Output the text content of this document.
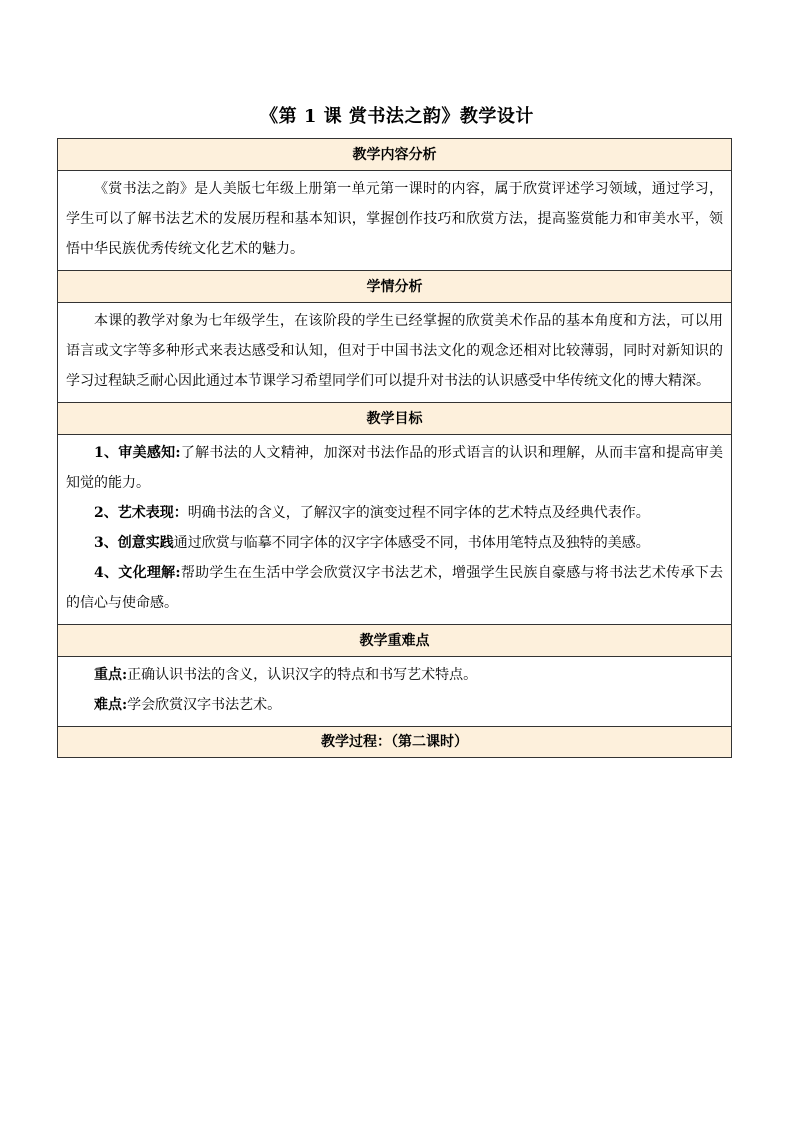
《第 1 课 赏书法之韵》教学设计
教学内容分析

《赏书法之韵》是人美版七年级上册第一单元第一课时的内容，属于欣赏评述学习领域，通过学习，学生可以了解书法艺术的发展历程和基本知识，掌握创作技巧和欣赏方法，提高鉴赏能力和审美水平，领悟中华民族优秀传统文化艺术的魅力。

学情分析

本课的教学对象为七年级学生，在该阶段的学生已经掌握的欣赏美术作品的基本角度和方法，可以用语言或文字等多种形式来表达感受和认知，但对于中国书法文化的观念还相对比较薄弱，同时对新知识的学习过程缺乏耐心因此通过本节课学习希望同学们可以提升对书法的认识感受中华传统文化的博大精深。

教学目标

1、审美感知:了解书法的人文精神，加深对书法作品的形式语言的认识和理解，从而丰富和提高审美知觉的能力。

2、艺术表现：明确书法的含义，了解汉字的演变过程不同字体的艺术特点及经典代表作。

3、创意实践通过欣赏与临摹不同字体的汉字字体感受不同，书体用笔特点及独特的美感。

4、文化理解:帮助学生在生活中学会欣赏汉字书法艺术，增强学生民族自豪感与将书法艺术传承下去的信心与使命感。

教学重难点

重点:正确认识书法的含义，认识汉字的特点和书写艺术特点。

难点:学会欣赏汉字书法艺术。

教学过程：（第二课时）
